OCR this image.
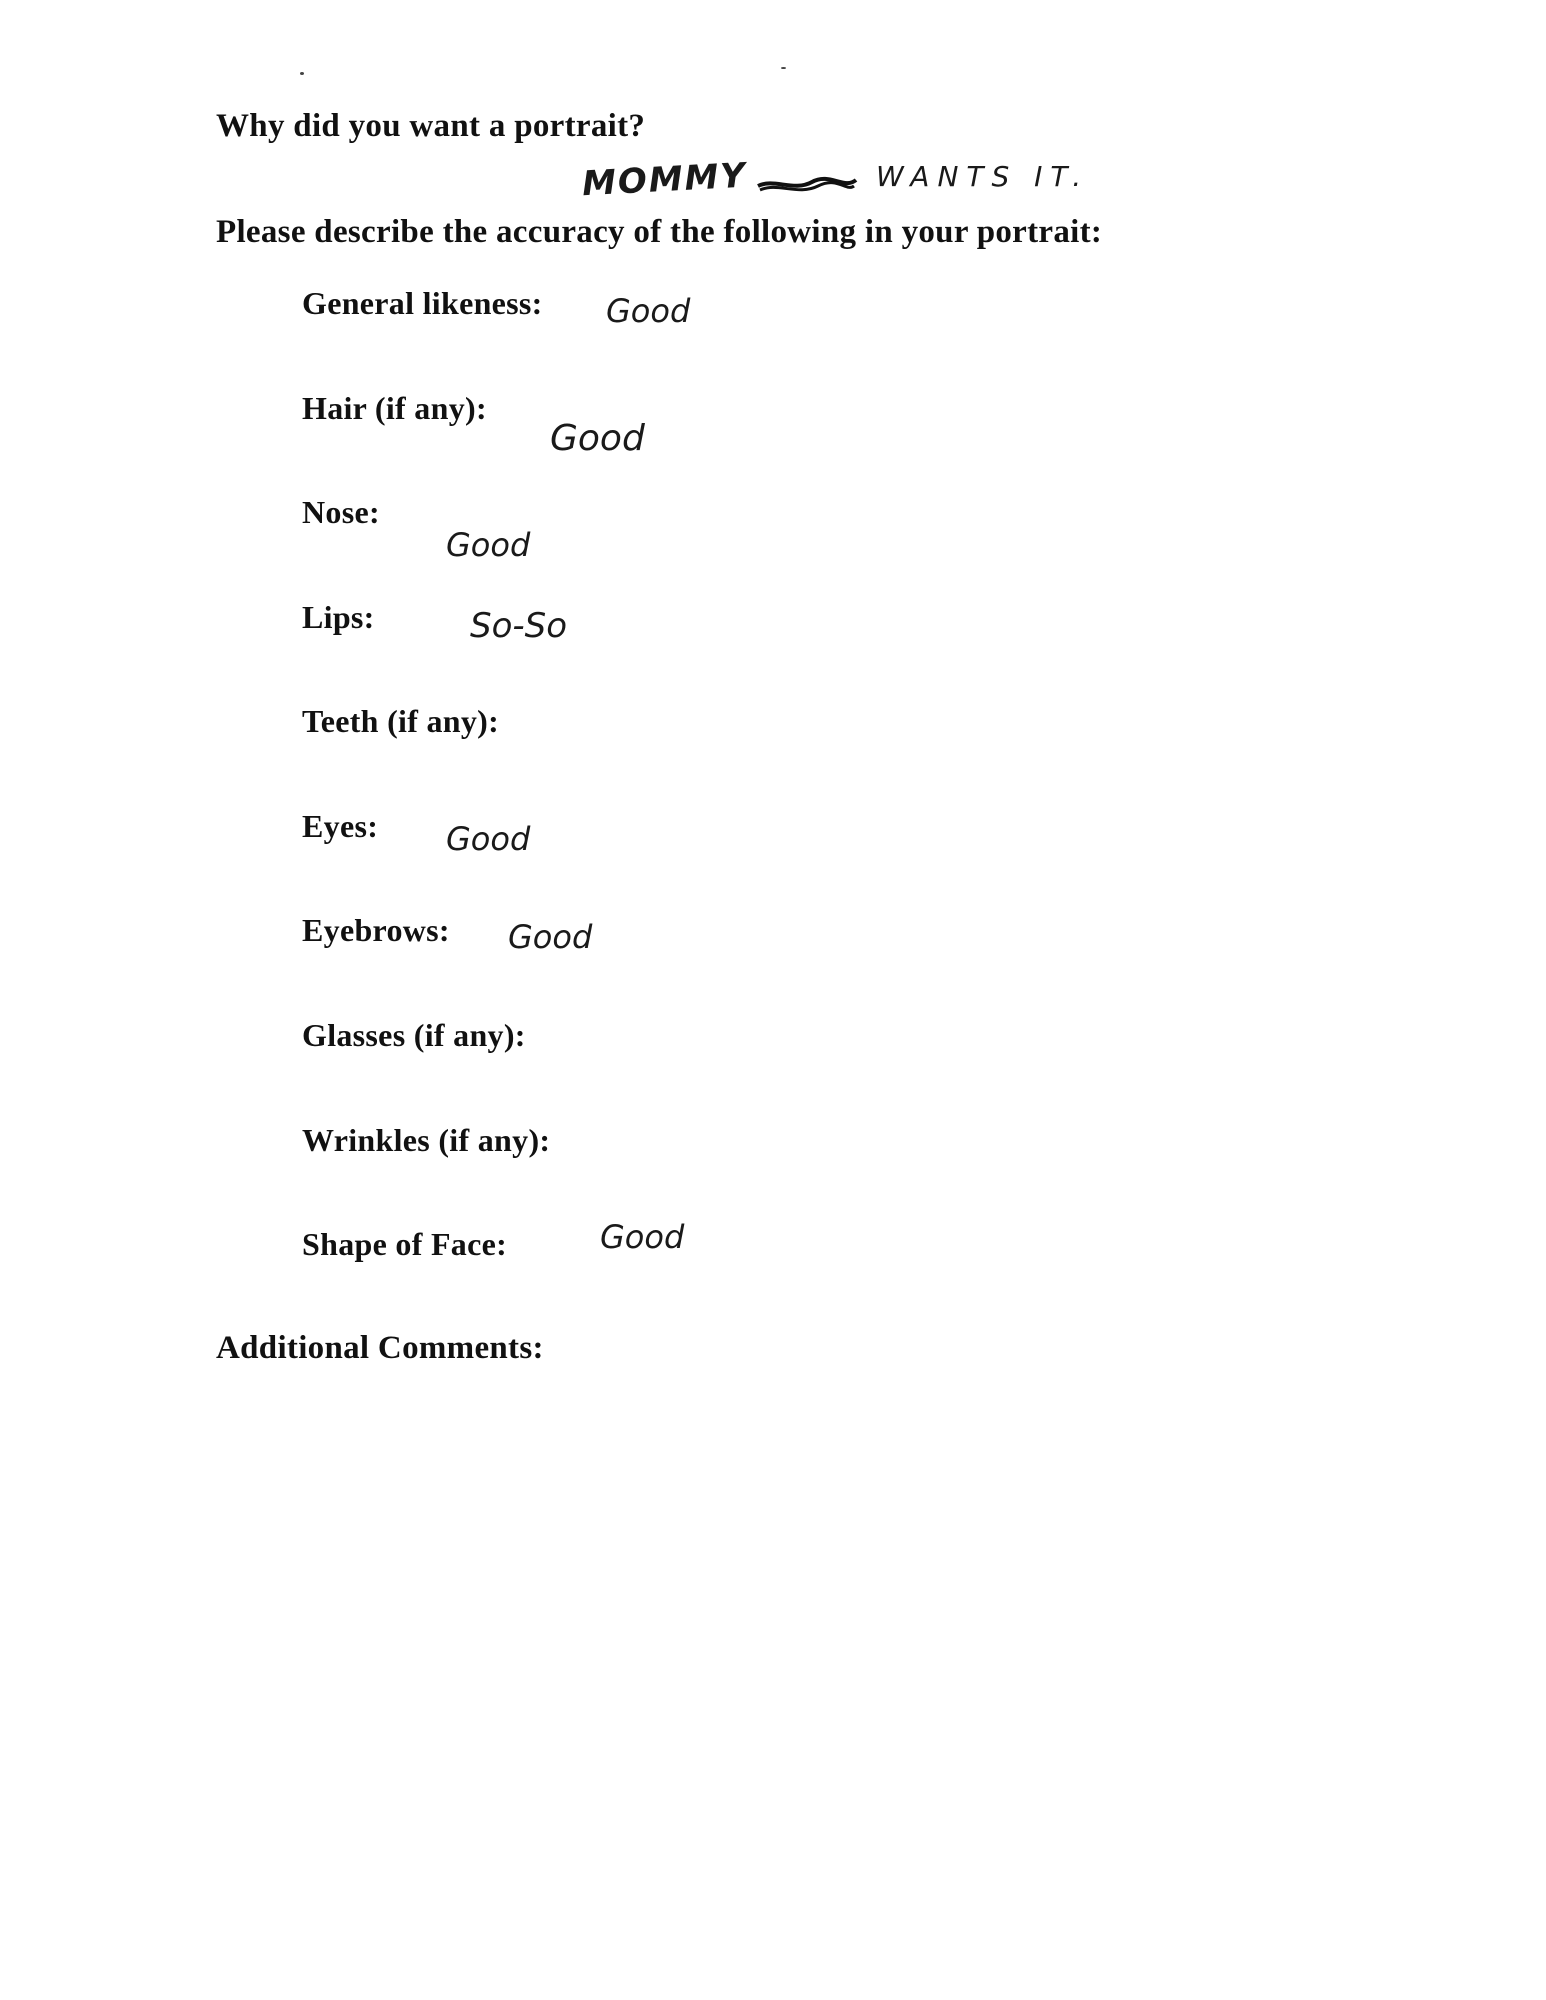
Why did you want a portrait?
MOMMY	WANTS IT.
Please describe the accuracy of the following in your portrait:
General likeness: Good
Hair (if any):
Good
Nose:
Good
Lips:	So-So
Teeth (if any):
Eyes: Good
Eyebrows: Good
Glasses (if any):
Wrinkles (if any):
Shape of Face:	Good
Additional Comments:
